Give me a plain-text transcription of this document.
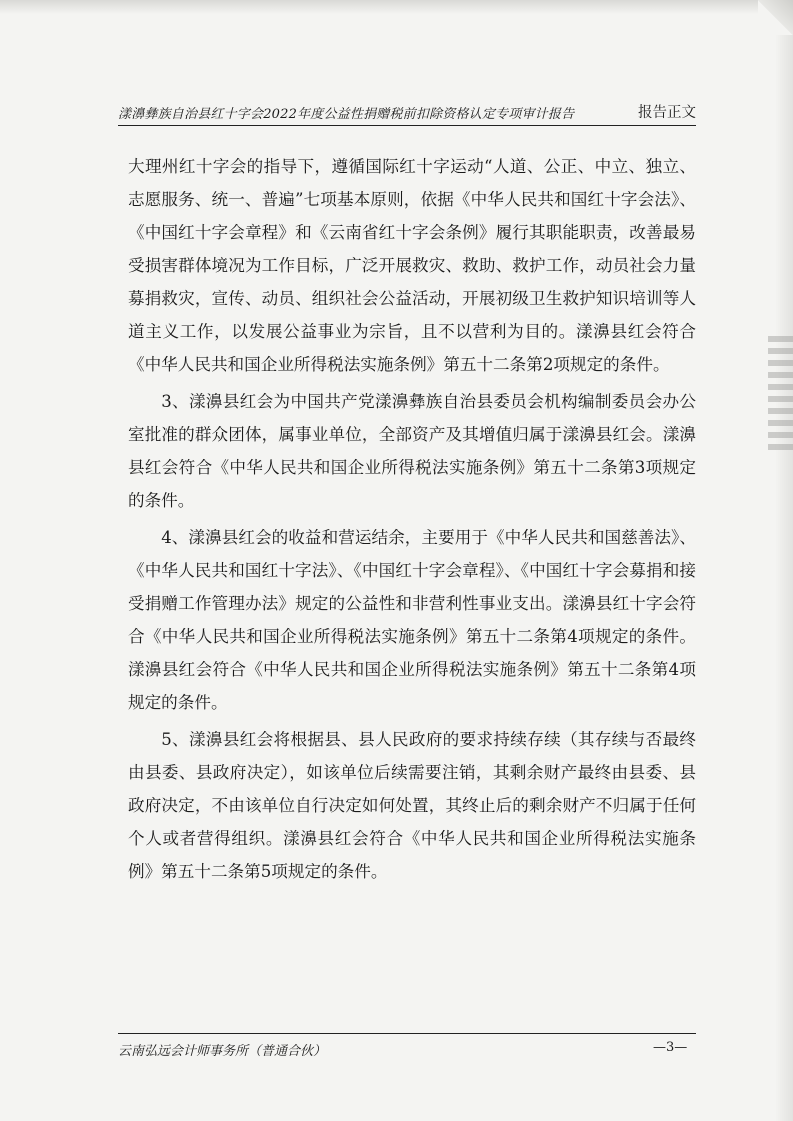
漾濞彝族自治县红十字会2022年度公益性捐赠税前扣除资格认定专项审计报告	报告正文

大理州红十字会的指导下，遵循国际红十字运动“人道、公正、中立、独立、志愿服务、统一、普遍”七项基本原则，依据《中华人民共和国红十字会法》、《中国红十字会章程》和《云南省红十字会条例》履行其职能职责，改善最易受损害群体境况为工作目标，广泛开展救灾、救助、救护工作，动员社会力量募捐救灾，宣传、动员、组织社会公益活动，开展初级卫生救护知识培训等人道主义工作，以发展公益事业为宗旨，且不以营利为目的。漾濞县红会符合《中华人民共和国企业所得税法实施条例》第五十二条第2项规定的条件。

3、漾濞县红会为中国共产党漾濞彝族自治县委员会机构编制委员会办公室批准的群众团体，属事业单位，全部资产及其增值归属于漾濞县红会。漾濞县红会符合《中华人民共和国企业所得税法实施条例》第五十二条第3项规定的条件。

4、漾濞县红会的收益和营运结余，主要用于《中华人民共和国慈善法》、《中华人民共和国红十字法》、《中国红十字会章程》、《中国红十字会募捐和接受捐赠工作管理办法》规定的公益性和非营利性事业支出。漾濞县红十字会符合《中华人民共和国企业所得税法实施条例》第五十二条第4项规定的条件。漾濞县红会符合《中华人民共和国企业所得税法实施条例》第五十二条第4项规定的条件。

5、漾濞县红会将根据县、县人民政府的要求持续存续（其存续与否最终由县委、县政府决定），如该单位后续需要注销，其剩余财产最终由县委、县政府决定，不由该单位自行决定如何处置，其终止后的剩余财产不归属于任何个人或者营得组织。漾濞县红会符合《中华人民共和国企业所得税法实施条例》第五十二条第5项规定的条件。

云南弘远会计师事务所（普通合伙）	—3—
